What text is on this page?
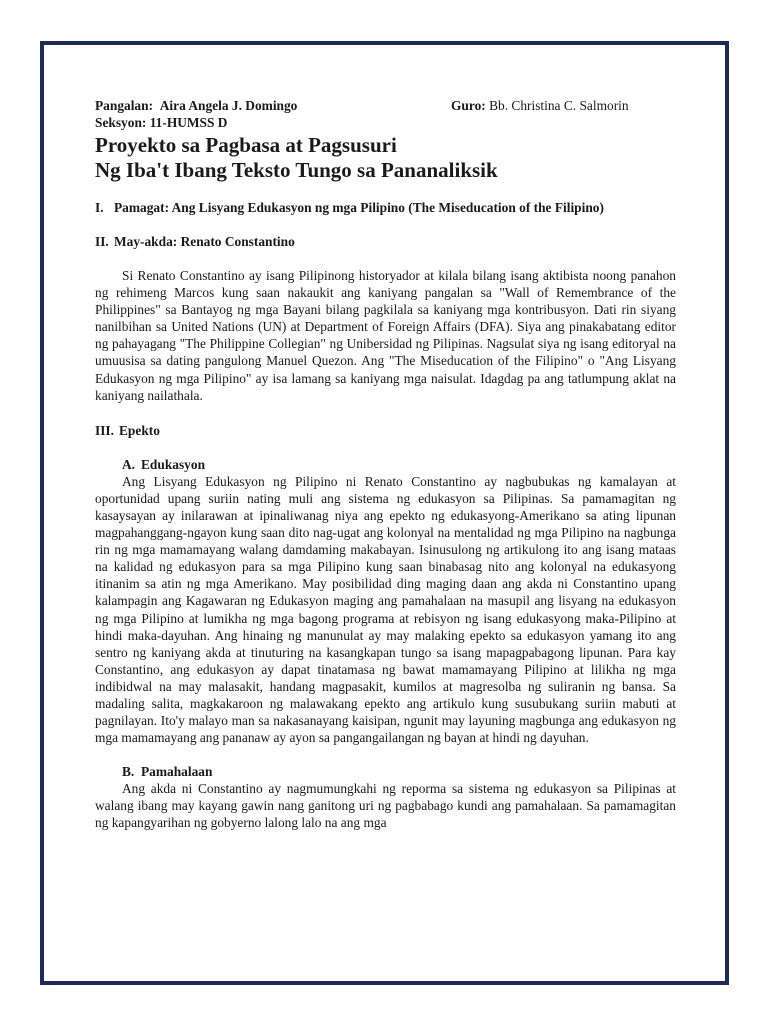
Pangalan: Aira Angela J. Domingo	Guro: Bb. Christina C. Salmorin
Seksyon: 11-HUMSS D
Proyekto sa Pagbasa at Pagsusuri
Ng Iba't Ibang Teksto Tungo sa Pananaliksik
I. Pamagat: Ang Lisyang Edukasyon ng mga Pilipino (The Miseducation of the Filipino)
II. May-akda: Renato Constantino

Si Renato Constantino ay isang Pilipinong historyador at kilala bilang isang aktibista noong panahon ng rehimeng Marcos kung saan nakaukit ang kaniyang pangalan sa "Wall of Remembrance of the Philippines" sa Bantayog ng mga Bayani bilang pagkilala sa kaniyang mga kontribusyon. Dati rin siyang nanilbihan sa United Nations (UN) at Department of Foreign Affairs (DFA). Siya ang pinakabatang editor ng pahayagang "The Philippine Collegian" ng Unibersidad ng Pilipinas. Nagsulat siya ng isang editoryal na umuusisa sa dating pangulong Manuel Quezon. Ang "The Miseducation of the Filipino" o "Ang Lisyang Edukasyon ng mga Pilipino" ay isa lamang sa kaniyang mga naisulat. Idagdag pa ang tatlumpung aklat na kaniyang nailathala.

III. Epekto
A. Edukasyon

Ang Lisyang Edukasyon ng Pilipino ni Renato Constantino ay nagbubukas ng kamalayan at oportunidad upang suriin nating muli ang sistema ng edukasyon sa Pilipinas. Sa pamamagitan ng kasaysayan ay inilarawan at ipinaliwanag niya ang epekto ng edukasyong-Amerikano sa ating lipunan magpahanggang-ngayon kung saan dito nag-ugat ang kolonyal na mentalidad ng mga Pilipino na nagbunga rin ng mga mamamayang walang damdaming makabayan. Isinusulong ng artikulong ito ang isang mataas na kalidad ng edukasyon para sa mga Pilipino kung saan binabasag nito ang kolonyal na edukasyong itinanim sa atin ng mga Amerikano. May posibilidad ding maging daan ang akda ni Constantino upang kalampagin ang Kagawaran ng Edukasyon maging ang pamahalaan na masupil ang lisyang na edukasyon ng mga Pilipino at lumikha ng mga bagong programa at rebisyon ng isang edukasyong maka-Pilipino at hindi maka-dayuhan. Ang hinaing ng manunulat ay may malaking epekto sa edukasyon yamang ito ang sentro ng kaniyang akda at tinuturing na kasangkapan tungo sa isang mapagpabagong lipunan. Para kay Constantino, ang edukasyon ay dapat tinatamasa ng bawat mamamayang Pilipino at lilikha ng mga indibidwal na may malasakit, handang magpasakit, kumilos at magresolba ng suliranin ng bansa. Sa madaling salita, magkakaroon ng malawakang epekto ang artikulo kung susubukang suriin mabuti at pagnilayan. Ito'y malayo man sa nakasanayang kaisipan, ngunit may layuning magbunga ang edukasyon ng mga mamamayang ang pananaw ay ayon sa pangangailangan ng bayan at hindi ng dayuhan.

B. Pamahalaan

Ang akda ni Constantino ay nagmumungkahi ng reporma sa sistema ng edukasyon sa Pilipinas at walang ibang may kayang gawin nang ganitong uri ng pagbabago kundi ang pamahalaan. Sa pamamagitan ng kapangyarihan ng gobyerno lalong lalo na ang mga
